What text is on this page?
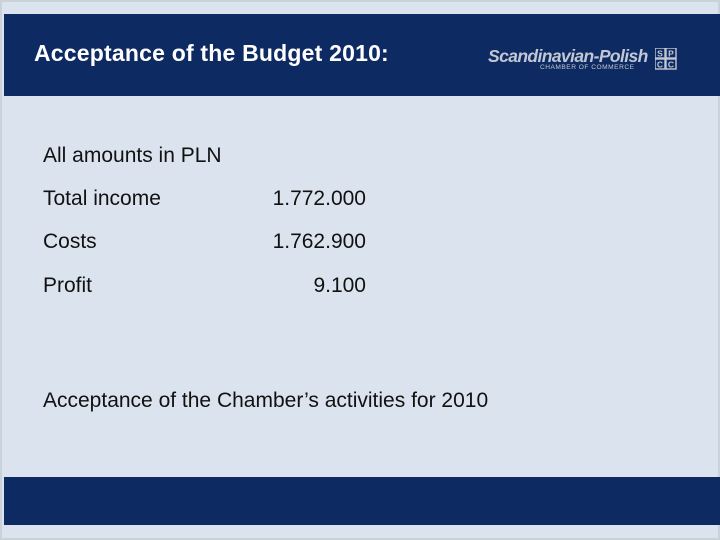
Acceptance of the Budget 2010:	Scandinavian-Polish
CHAMBER OF COMMERCE
S P
C C
All amounts in PLN
Total income	1.772.000
Costs	1.762.900
Profit	9.100
Acceptance of the Chamber’s activities for 2010
